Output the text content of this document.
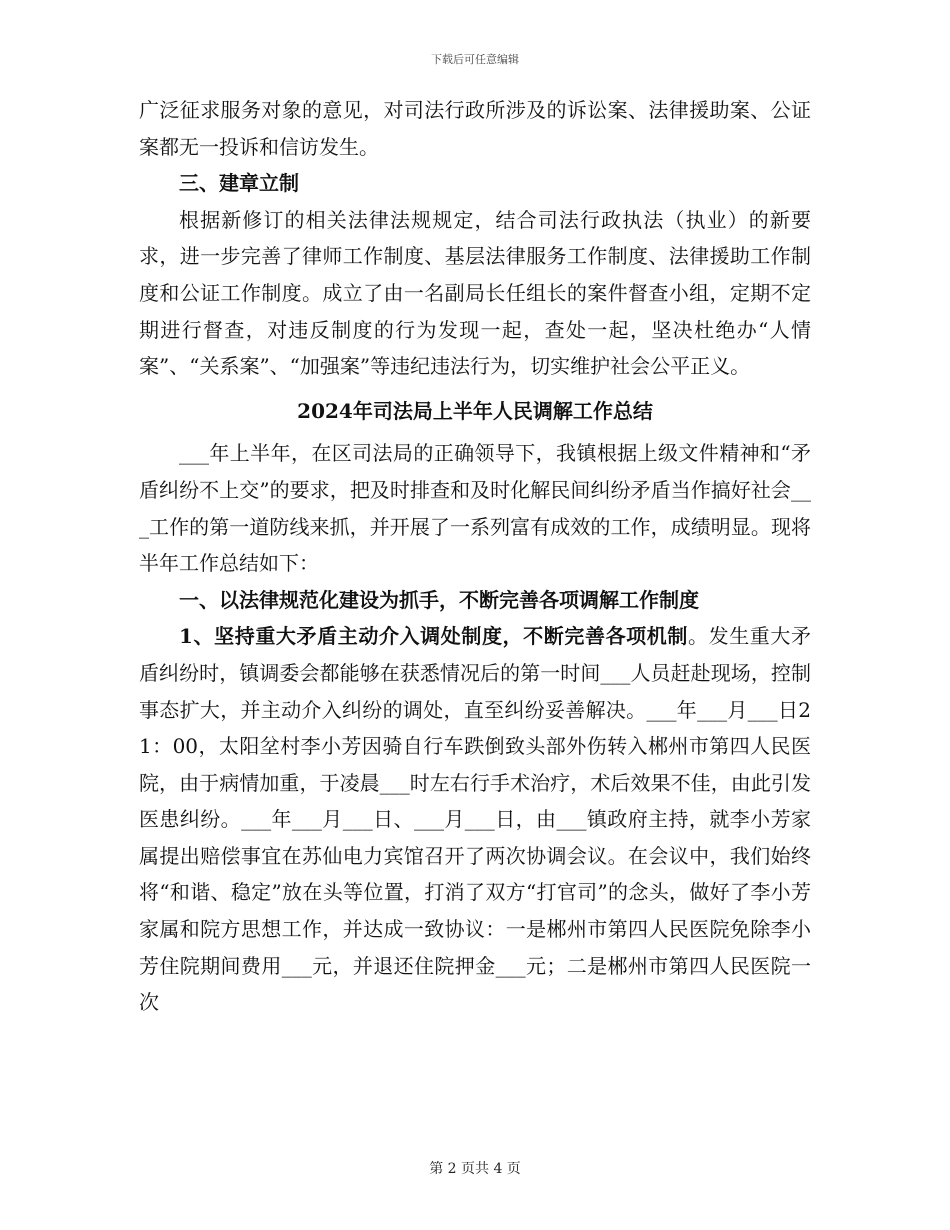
下载后可任意编辑

广泛征求服务对象的意见，对司法行政所涉及的诉讼案、法律援助案、公证案都无一投诉和信访发生。

三、建章立制

根据新修订的相关法律法规规定，结合司法行政执法（执业）的新要求，进一步完善了律师工作制度、基层法律服务工作制度、法律援助工作制度和公证工作制度。成立了由一名副局长任组长的案件督查小组，定期不定期进行督查，对违反制度的行为发现一起，查处一起，坚决杜绝办“人情案”、“关系案”、“加强案”等违纪违法行为，切实维护社会公平正义。

2024年司法局上半年人民调解工作总结

___年上半年，在区司法局的正确领导下，我镇根据上级文件精神和“矛盾纠纷不上交”的要求，把及时排查和及时化解民间纠纷矛盾当作搞好社会___工作的第一道防线来抓，并开展了一系列富有成效的工作，成绩明显。现将半年工作总结如下：

一、以法律规范化建设为抓手，不断完善各项调解工作制度

1、坚持重大矛盾主动介入调处制度，不断完善各项机制。发生重大矛盾纠纷时，镇调委会都能够在获悉情况后的第一时间___人员赶赴现场，控制事态扩大，并主动介入纠纷的调处，直至纠纷妥善解决。___年___月___日21：00，太阳坌村李小芳因骑自行车跌倒致头部外伤转入郴州市第四人民医院，由于病情加重，于凌晨___时左右行手术治疗，术后效果不佳，由此引发医患纠纷。___年___月___日、___月___日，由___镇政府主持，就李小芳家属提出赔偿事宜在苏仙电力宾馆召开了两次协调会议。在会议中，我们始终将“和谐、稳定”放在头等位置，打消了双方“打官司”的念头，做好了李小芳家属和院方思想工作，并达成一致协议：一是郴州市第四人民医院免除李小芳住院期间费用___元，并退还住院押金___元；二是郴州市第四人民医院一次

第 2 页共 4 页
